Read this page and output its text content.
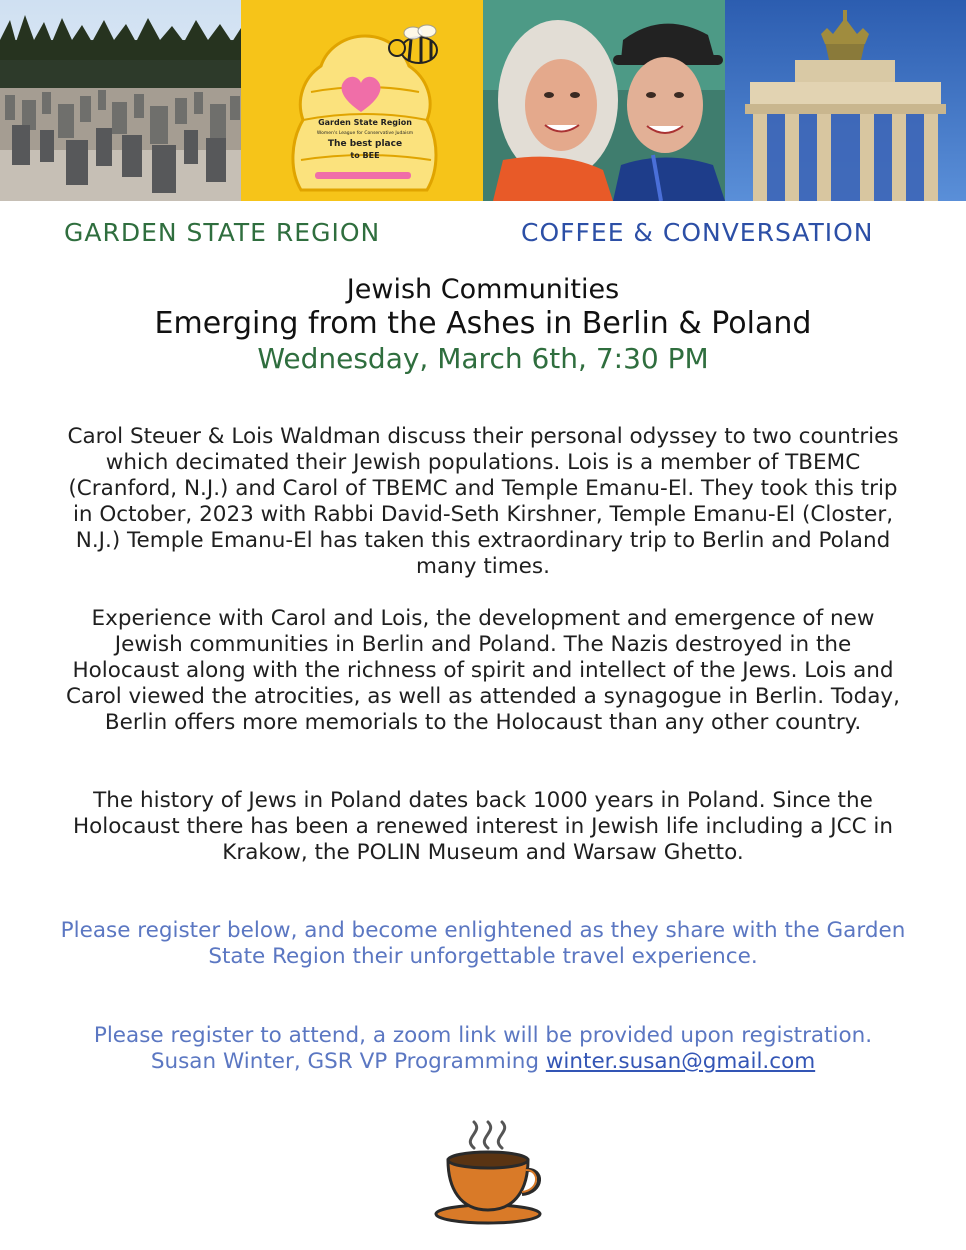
Garden State Region
Women's League for Conservative Judaism
The best place
to BEE
GARDEN STATE REGION	COFFEE & CONVERSATION
Jewish Communities
Emerging from the Ashes in Berlin & Poland
Wednesday, March 6th, 7:30 PM

Carol Steuer & Lois Waldman discuss their personal odyssey to two countries which decimated their Jewish populations. Lois is a member of TBEMC (Cranford, N.J.) and Carol of TBEMC and Temple Emanu-El. They took this trip in October, 2023 with Rabbi David-Seth Kirshner, Temple Emanu-El (Closter, N.J.) Temple Emanu-El has taken this extraordinary trip to Berlin and Poland many times.

Experience with Carol and Lois, the development and emergence of new Jewish communities in Berlin and Poland. The Nazis destroyed in the Holocaust along with the richness of spirit and intellect of the Jews. Lois and Carol viewed the atrocities, as well as attended a synagogue in Berlin. Today, Berlin offers more memorials to the Holocaust than any other country.

The history of Jews in Poland dates back 1000 years in Poland. Since the Holocaust there has been a renewed interest in Jewish life including a JCC in Krakow, the POLIN Museum and Warsaw Ghetto.

Please register below, and become enlightened as they share with the Garden State Region their unforgettable travel experience.

Please register to attend, a zoom link will be provided upon registration.
Susan Winter, GSR VP Programming winter.susan@gmail.com
